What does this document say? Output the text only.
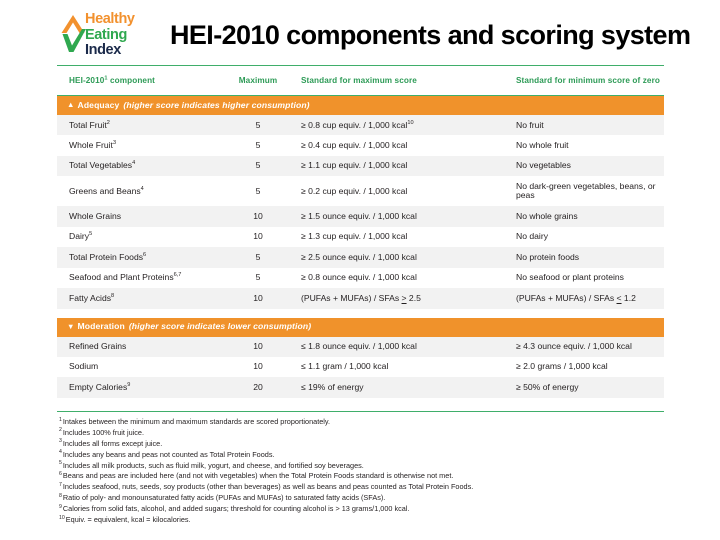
Healthy
Eating
Index	HEI-2010 components and scoring system
HEI-2010$^1$ component	Maximum	Standard for maximum score	Standard for minimum score of zero
▲ Adequacy (higher score indicates higher consumption)			
Total Fruit$^2$	5	≥ 0.8 cup equiv. / 1,000 kcal$^{10}$	No fruit
Whole Fruit$^3$	5	≥ 0.4 cup equiv. / 1,000 kcal	No whole fruit
Total Vegetables$^4$	5	≥ 1.1 cup equiv. / 1,000 kcal	No vegetables
Greens and Beans$^4$	5	≥ 0.2 cup equiv. / 1,000 kcal	No dark-green vegetables, beans, or peas
Whole Grains	10	≥ 1.5 ounce equiv. / 1,000 kcal	No whole grains
Dairy$^5$	10	≥ 1.3 cup equiv. / 1,000 kcal	No dairy
Total Protein Foods$^6$	5	≥ 2.5 ounce equiv. / 1,000 kcal	No protein foods
Seafood and Plant Proteins$^{6,7}$	5	≥ 0.8 ounce equiv. / 1,000 kcal	No seafood or plant proteins
Fatty Acids$^8$	10	(PUFAs + MUFAs) / SFAs > 2.5	(PUFAs + MUFAs) / SFAs < 1.2

▼ Moderation (higher score indicates lower consumption)			
Refined Grains	10	≤ 1.8 ounce equiv. / 1,000 kcal	≥ 4.3 ounce equiv. / 1,000 kcal
Sodium	10	≤ 1.1 gram / 1,000 kcal	≥ 2.0 grams / 1,000 kcal
Empty Calories$^9$	20	≤ 19% of energy	≥ 50% of energy
$^1$Intakes between the minimum and maximum standards are scored proportionately.
$^2$Includes 100% fruit juice.
$^3$Includes all forms except juice.
$^4$Includes any beans and peas not counted as Total Protein Foods.
$^5$Includes all milk products, such as fluid milk, yogurt, and cheese, and fortified soy beverages.
$^6$Beans and peas are included here (and not with vegetables) when the Total Protein Foods standard is otherwise not met.
$^7$Includes seafood, nuts, seeds, soy products (other than beverages) as well as beans and peas counted as Total Protein Foods.
$^8$Ratio of poly- and monounsaturated fatty acids (PUFAs and MUFAs) to saturated fatty acids (SFAs).
$^9$Calories from solid fats, alcohol, and added sugars; threshold for counting alcohol is > 13 grams/1,000 kcal.
$^{10}$Equiv. = equivalent, kcal = kilocalories.
